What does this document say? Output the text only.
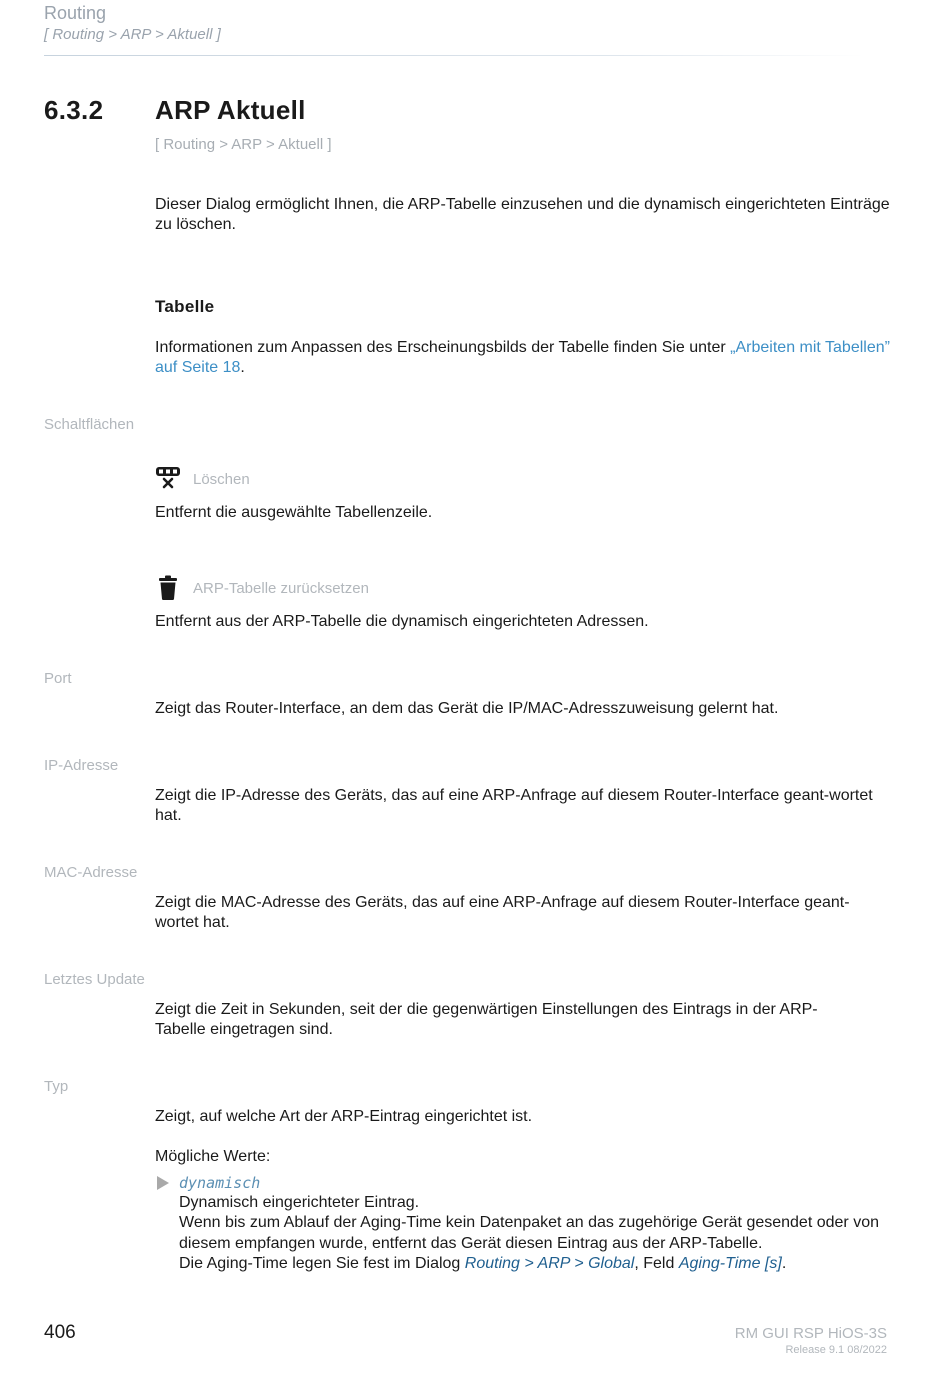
Routing
[ Routing > ARP > Aktuell ]
6.3.2 ARP Aktuell
[ Routing > ARP > Aktuell ]
Dieser Dialog ermöglicht Ihnen, die ARP-Tabelle einzusehen und die dynamisch eingerichteten Einträge zu löschen.
Tabelle
Informationen zum Anpassen des Erscheinungsbilds der Tabelle finden Sie unter „Arbeiten mit Tabellen” auf Seite 18.
Schaltflächen
Löschen
Entfernt die ausgewählte Tabellenzeile.
ARP-Tabelle zurücksetzen
Entfernt aus der ARP-Tabelle die dynamisch eingerichteten Adressen.
Port
Zeigt das Router-Interface, an dem das Gerät die IP/MAC-Adresszuweisung gelernt hat.
IP-Adresse
Zeigt die IP-Adresse des Geräts, das auf eine ARP-Anfrage auf diesem Router-Interface geant-wortet hat.
MAC-Adresse
Zeigt die MAC-Adresse des Geräts, das auf eine ARP-Anfrage auf diesem Router-Interface geant-wortet hat.
Letztes Update
Zeigt die Zeit in Sekunden, seit der die gegenwärtigen Einstellungen des Eintrags in der ARP-Tabelle eingetragen sind.
Typ
Zeigt, auf welche Art der ARP-Eintrag eingerichtet ist.
Mögliche Werte:
dynamisch
Dynamisch eingerichteter Eintrag.
Wenn bis zum Ablauf der Aging-Time kein Datenpaket an das zugehörige Gerät gesendet oder von diesem empfangen wurde, entfernt das Gerät diesen Eintrag aus der ARP-Tabelle.
Die Aging-Time legen Sie fest im Dialog Routing > ARP > Global, Feld Aging-Time [s].
406	RM GUI RSP HiOS-3S
Release 9.1 08/2022
